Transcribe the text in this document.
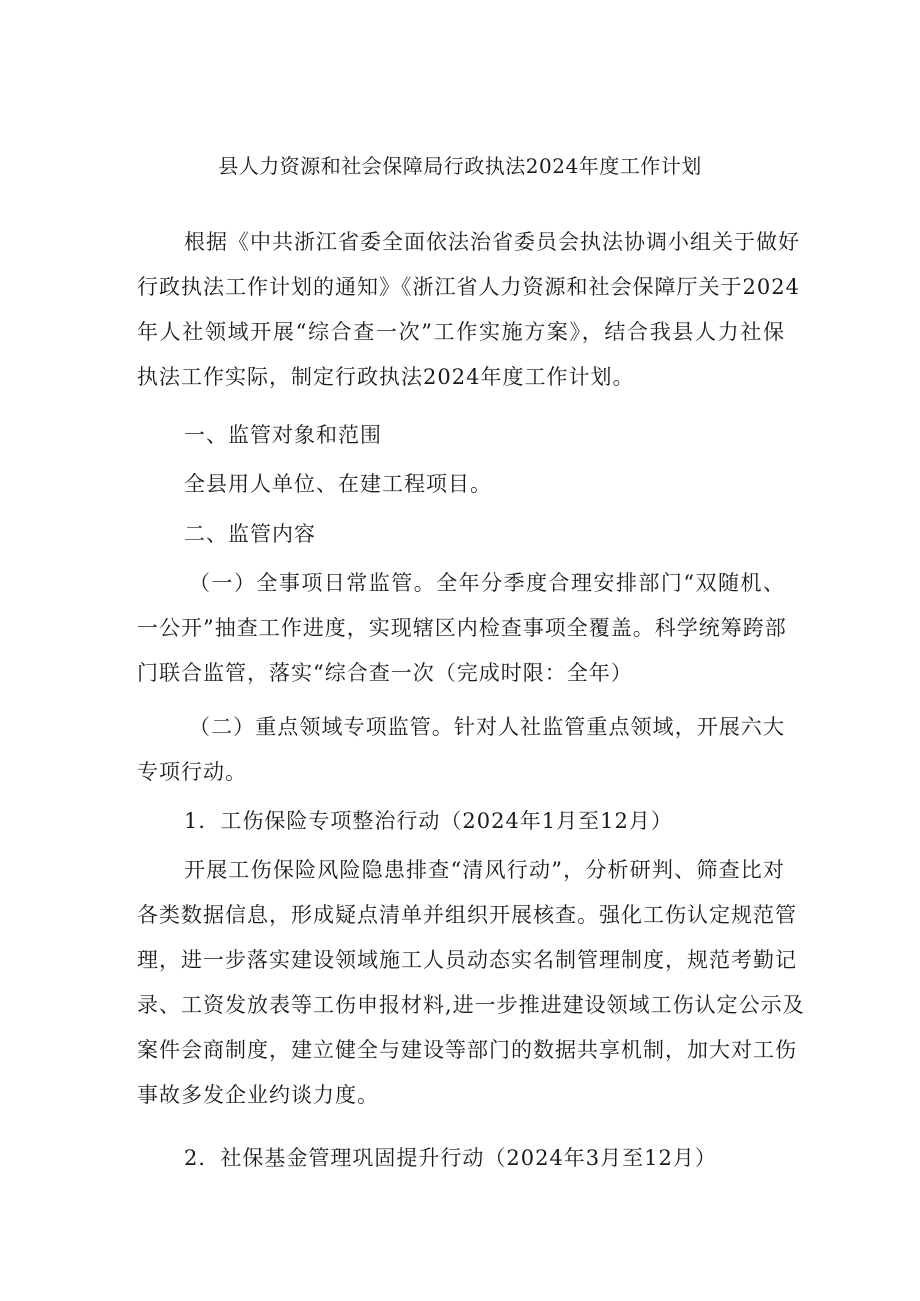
县人力资源和社会保障局行政执法2024年度工作计划
根据《中共浙江省委全面依法治省委员会执法协调小组关于做好
行政执法工作计划的通知》《浙江省人力资源和社会保障厅关于2024
年人社领域开展“综合查一次”工作实施方案》，结合我县人力社保
执法工作实际，制定行政执法2024年度工作计划。
一、监管对象和范围
全县用人单位、在建工程项目。
二、监管内容
（一）全事项日常监管。全年分季度合理安排部门“双随机、
一公开”抽查工作进度，实现辖区内检查事项全覆盖。科学统筹跨部
门联合监管，落实“综合查一次（完成时限：全年）
（二）重点领域专项监管。针对人社监管重点领域，开展六大
专项行动。
1．工伤保险专项整治行动（2024年1月至12月）
开展工伤保险风险隐患排查“清风行动”，分析研判、筛查比对
各类数据信息，形成疑点清单并组织开展核查。强化工伤认定规范管
理，进一步落实建设领域施工人员动态实名制管理制度，规范考勤记
录、工资发放表等工伤申报材料,进一步推进建设领域工伤认定公示及
案件会商制度，建立健全与建设等部门的数据共享机制，加大对工伤
事故多发企业约谈力度。
2．社保基金管理巩固提升行动（2024年3月至12月）
